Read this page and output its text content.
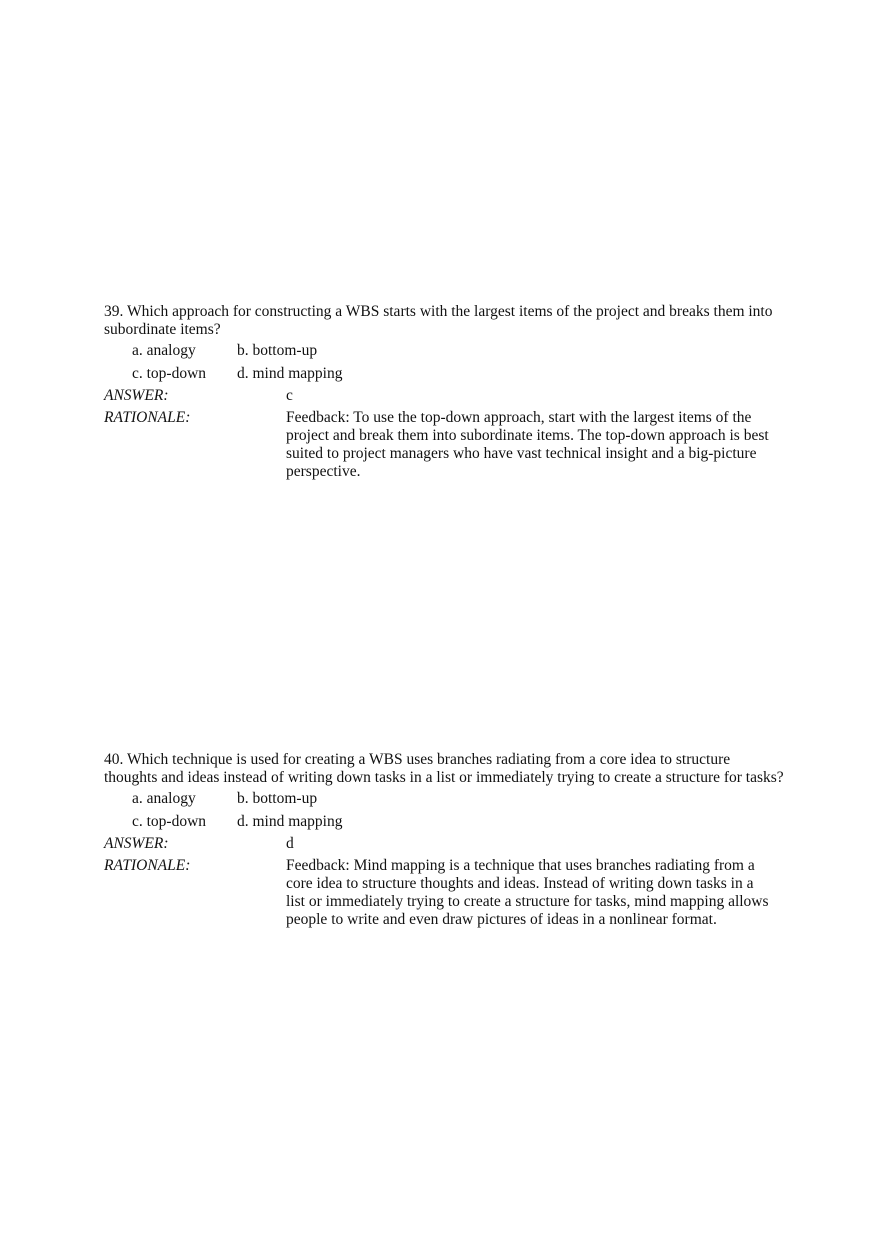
39. Which approach for constructing a WBS starts with the largest items of the project and breaks them into subordinate items?

a. analogy	b. bottom-up
c. top-down	d. mind mapping
ANSWER:	c
RATIONALE:	Feedback: To use the top-down approach, start with the largest items of the project and break them into subordinate items. The top-down approach is best suited to project managers who have vast technical insight and a big-picture perspective.

40. Which technique is used for creating a WBS uses branches radiating from a core idea to structure thoughts and ideas instead of writing down tasks in a list or immediately trying to create a structure for tasks?

a. analogy	b. bottom-up
c. top-down	d. mind mapping
ANSWER:	d
RATIONALE:	Feedback: Mind mapping is a technique that uses branches radiating from a core idea to structure thoughts and ideas. Instead of writing down tasks in a list or immediately trying to create a structure for tasks, mind mapping allows people to write and even draw pictures of ideas in a nonlinear format.
